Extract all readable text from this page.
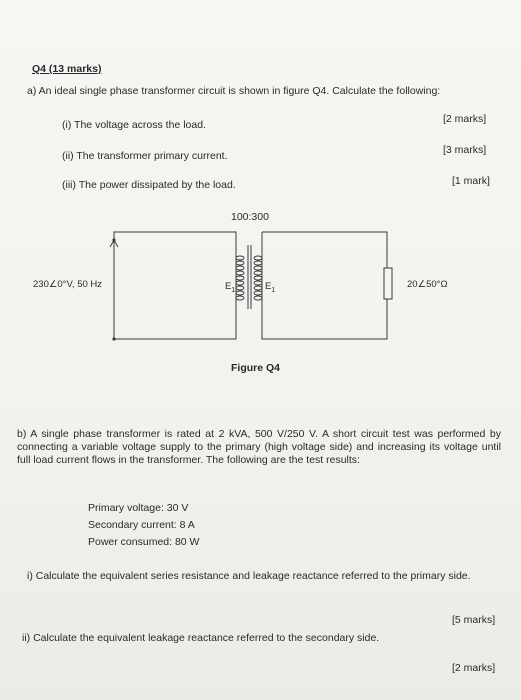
Q4 (13 marks)
a) An ideal single phase transformer circuit is shown in figure Q4. Calculate the following:
(i) The voltage across the load.	[2 marks]
(ii) The transformer primary current.	[3 marks]
(iii) The power dissipated by the load.	[1 mark]
100:300
230∠0°V, 50 Hz	$E_1$	$E_1$
20∠50°Ω
Figure Q4
b) A single phase transformer is rated at 2 kVA, 500 V/250 V. A short circuit test was performed by connecting a variable voltage supply to the primary (high voltage side) and increasing its voltage until full load current flows in the transformer. The following are the test results:
Primary voltage: 30 V
Secondary current: 8 A
Power consumed: 80 W
i) Calculate the equivalent series resistance and leakage reactance referred to the primary side.
[5 marks]
ii) Calculate the equivalent leakage reactance referred to the secondary side.
[2 marks]
